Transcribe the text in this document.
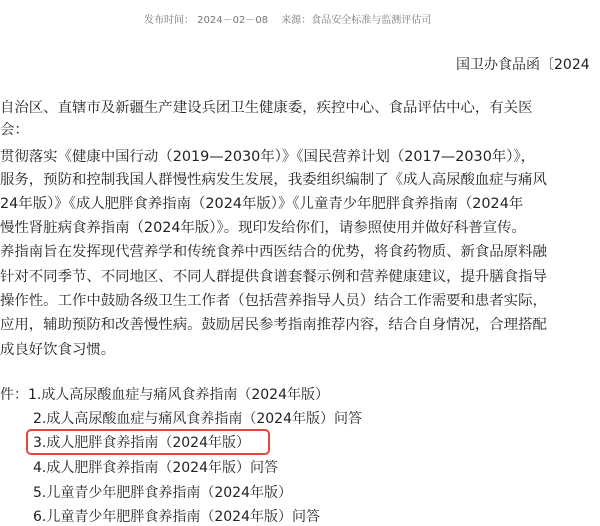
发布时间： 2024－02－08 来源：食品安全标准与监测评估司
国卫办食品函〔2024
自治区、直辖市及新疆生产建设兵团卫生健康委，疾控中心、食品评估中心，有关医
会：
贯彻落实《健康中国行动（2019—2030年）》《国民营养计划（2017—2030年）》，
服务，预防和控制我国人群慢性病发生发展，我委组织编制了《成人高尿酸血症与痛风
24年版）》《成人肥胖食养指南（2024年版）》《儿童青少年肥胖食养指南（2024年
慢性肾脏病食养指南（2024年版）》。现印发给你们，请参照使用并做好科普宣传。
养指南旨在发挥现代营养学和传统食养中西医结合的优势，将食药物质、新食品原料融
针对不同季节、不同地区、不同人群提供食谱套餐示例和营养健康建议，提升膳食指导
操作性。工作中鼓励各级卫生工作者（包括营养指导人员）结合工作需要和患者实际，
应用，辅助预防和改善慢性病。鼓励居民参考指南推荐内容，结合自身情况，合理搭配
成良好饮食习惯。
件：1.成人高尿酸血症与痛风食养指南（2024年版）
2.成人高尿酸血症与痛风食养指南（2024年版）问答
3.成人肥胖食养指南（2024年版）
4.成人肥胖食养指南（2024年版）问答
5.儿童青少年肥胖食养指南（2024年版）
6.儿童青少年肥胖食养指南（2024年版）问答
